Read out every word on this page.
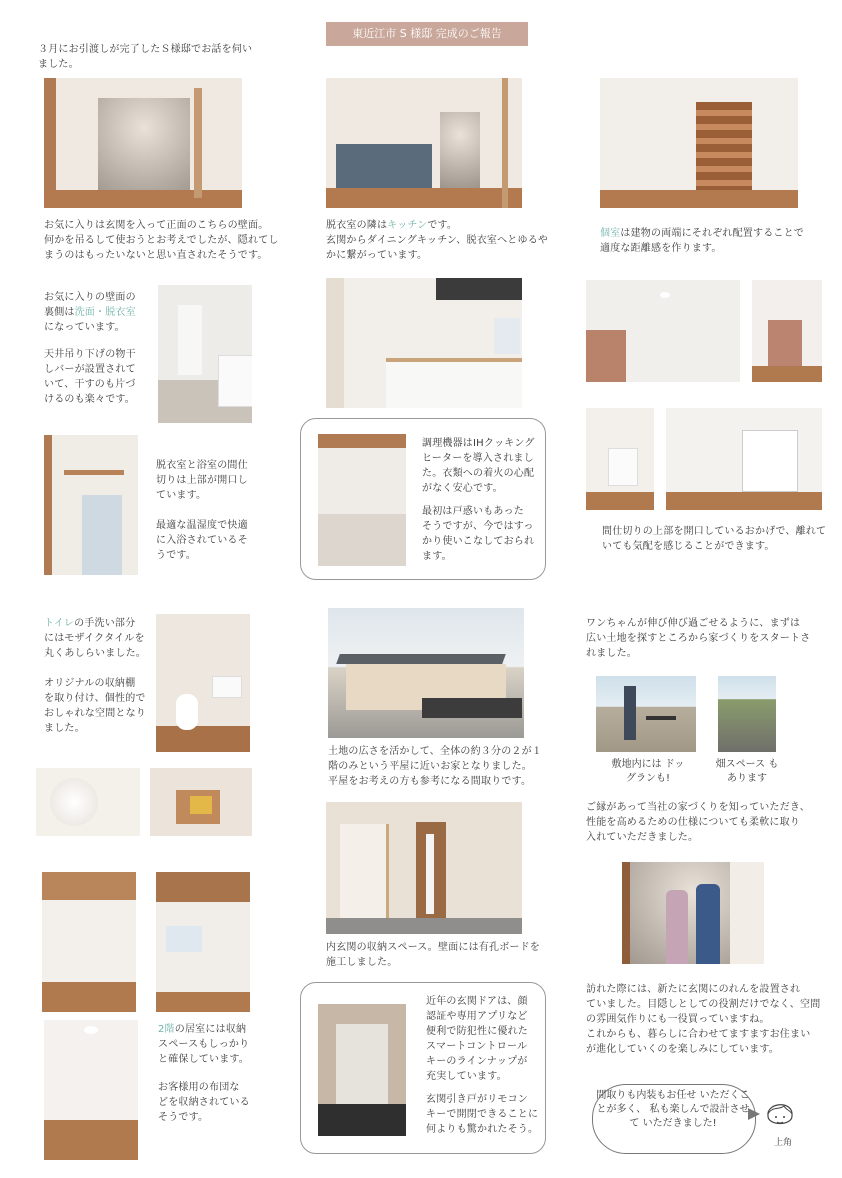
東近江市 S 様邸 完成のご報告
３月にお引渡しが完了したＳ様邸でお話を伺い
ました。
お気に入りは玄関を入って正面のこちらの壁面。
何かを吊るして使おうとお考えでしたが、隠れてし
まうのはもったいないと思い直されたそうです。
お気に入りの壁面の
裏側は洗面・脱衣室
になっています。
天井吊り下げの物干
しバーが設置されて
いて、干すのも片づ
けるのも楽々です。
脱衣室と浴室の間仕
切りは上部が開口し
ています。
最適な温湿度で快適
に入浴されているそ
うです。
トイレの手洗い部分
にはモザイクタイルを
丸くあしらいました。
オリジナルの収納棚
を取り付け、個性的で
おしゃれな空間となり
ました。
2階の居室には収納
スペースもしっかり
と確保しています。
お客様用の布団な
どを収納されている
そうです。
脱衣室の隣はキッチンです。
玄関からダイニングキッチン、脱衣室へとゆるや
かに繋がっています。
調理機器はIHクッキング
ヒーターを導入されまし
た。衣類への着火の心配
がなく安心です。
最初は戸惑いもあった
そうですが、今ではすっ
かり使いこなしておられ
ます。
土地の広さを活かして、全体の約３分の２が１
階のみという平屋に近いお家となりました。
平屋をお考えの方も参考になる間取りです。
内玄関の収納スペース。壁面には有孔ボードを
施工しました。
近年の玄関ドアは、顔
認証や専用アプリなど
便利で防犯性に優れた
スマートコントロール
キーのラインナップが
充実しています。
玄関引き戸がリモコン
キーで開閉できることに
何よりも驚かれたそう。
個室は建物の両端にそれぞれ配置することで
適度な距離感を作ります。
間仕切りの上部を開口しているおかげで、離れて
いても気配を感じることができます。
ワンちゃんが伸び伸び過ごせるように、まずは
広い土地を探すところから家づくりをスタートさ
れました。
敷地内には ドッグランも!
畑スペース もあります
ご縁があって当社の家づくりを知っていただき、
性能を高めるための仕様についても柔軟に取り
入れていただきました。
訪れた際には、新たに玄関にのれんを設置され
ていました。目隠しとしての役割だけでなく、空間
の雰囲気作りにも一役買っていますね。
これからも、暮らしに合わせてますますお住まい
が進化していくのを楽しみにしています。
間取りも内装もお任せ いただくことが多く、 私も楽しんで設計させて いただきました!
上角
